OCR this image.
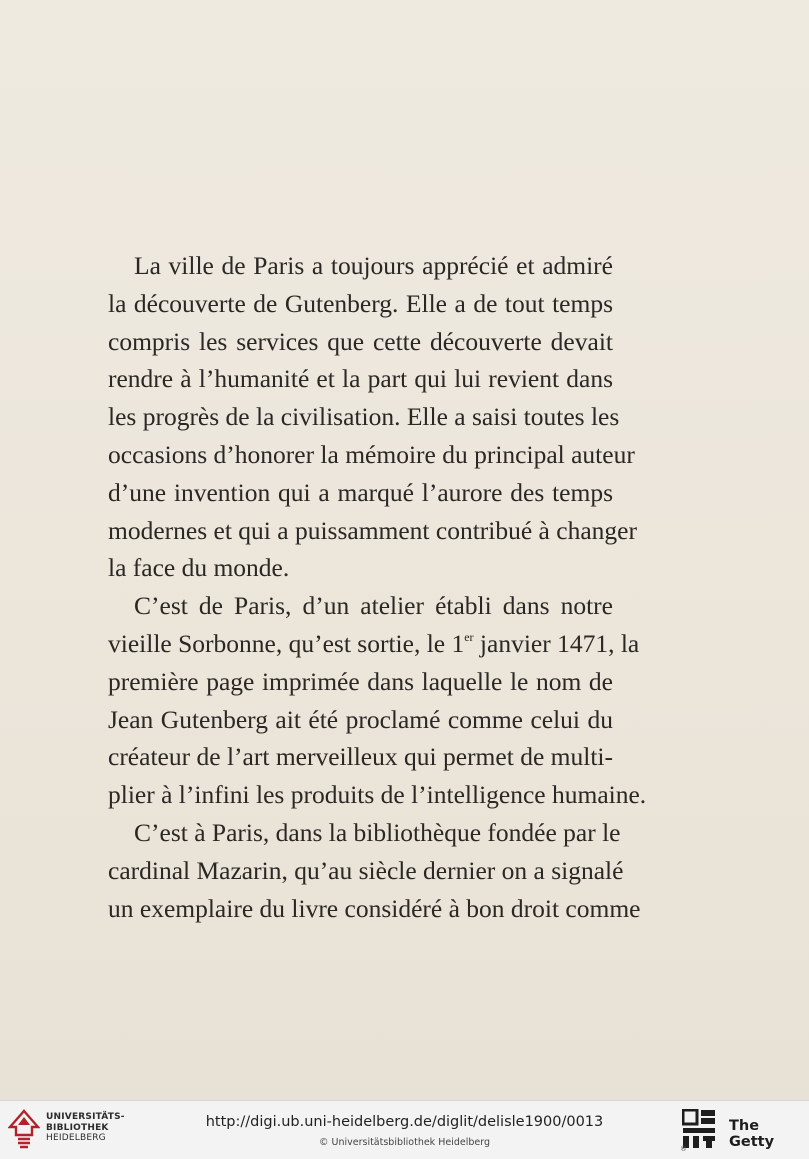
La ville de Paris a toujours apprécié et admiré
la découverte de Gutenberg. Elle a de tout temps
compris les services que cette découverte devait
rendre à l’humanité et la part qui lui revient dans
les progrès de la civilisation. Elle a saisi toutes les
occasions d’honorer la mémoire du principal auteur
d’une invention qui a marqué l’aurore des temps
modernes et qui a puissamment contribué à changer
la face du monde.
C’est de Paris, d’un atelier établi dans notre
vieille Sorbonne, qu’est sortie, le 1er janvier 1471, la
première page imprimée dans laquelle le nom de
Jean Gutenberg ait été proclamé comme celui du
créateur de l’art merveilleux qui permet de multi-
plier à l’infini les produits de l’intelligence humaine.
C’est à Paris, dans la bibliothèque fondée par le
cardinal Mazarin, qu’au siècle dernier on a signalé
un exemplaire du livre considéré à bon droit comme
UNIVERSITÄTS-
BIBLIOTHEK
HEIDELBERG
http://digi.ub.uni-heidelberg.de/diglit/delisle1900/0013
© Universitätsbibliothek Heidelberg
®
The Getty
